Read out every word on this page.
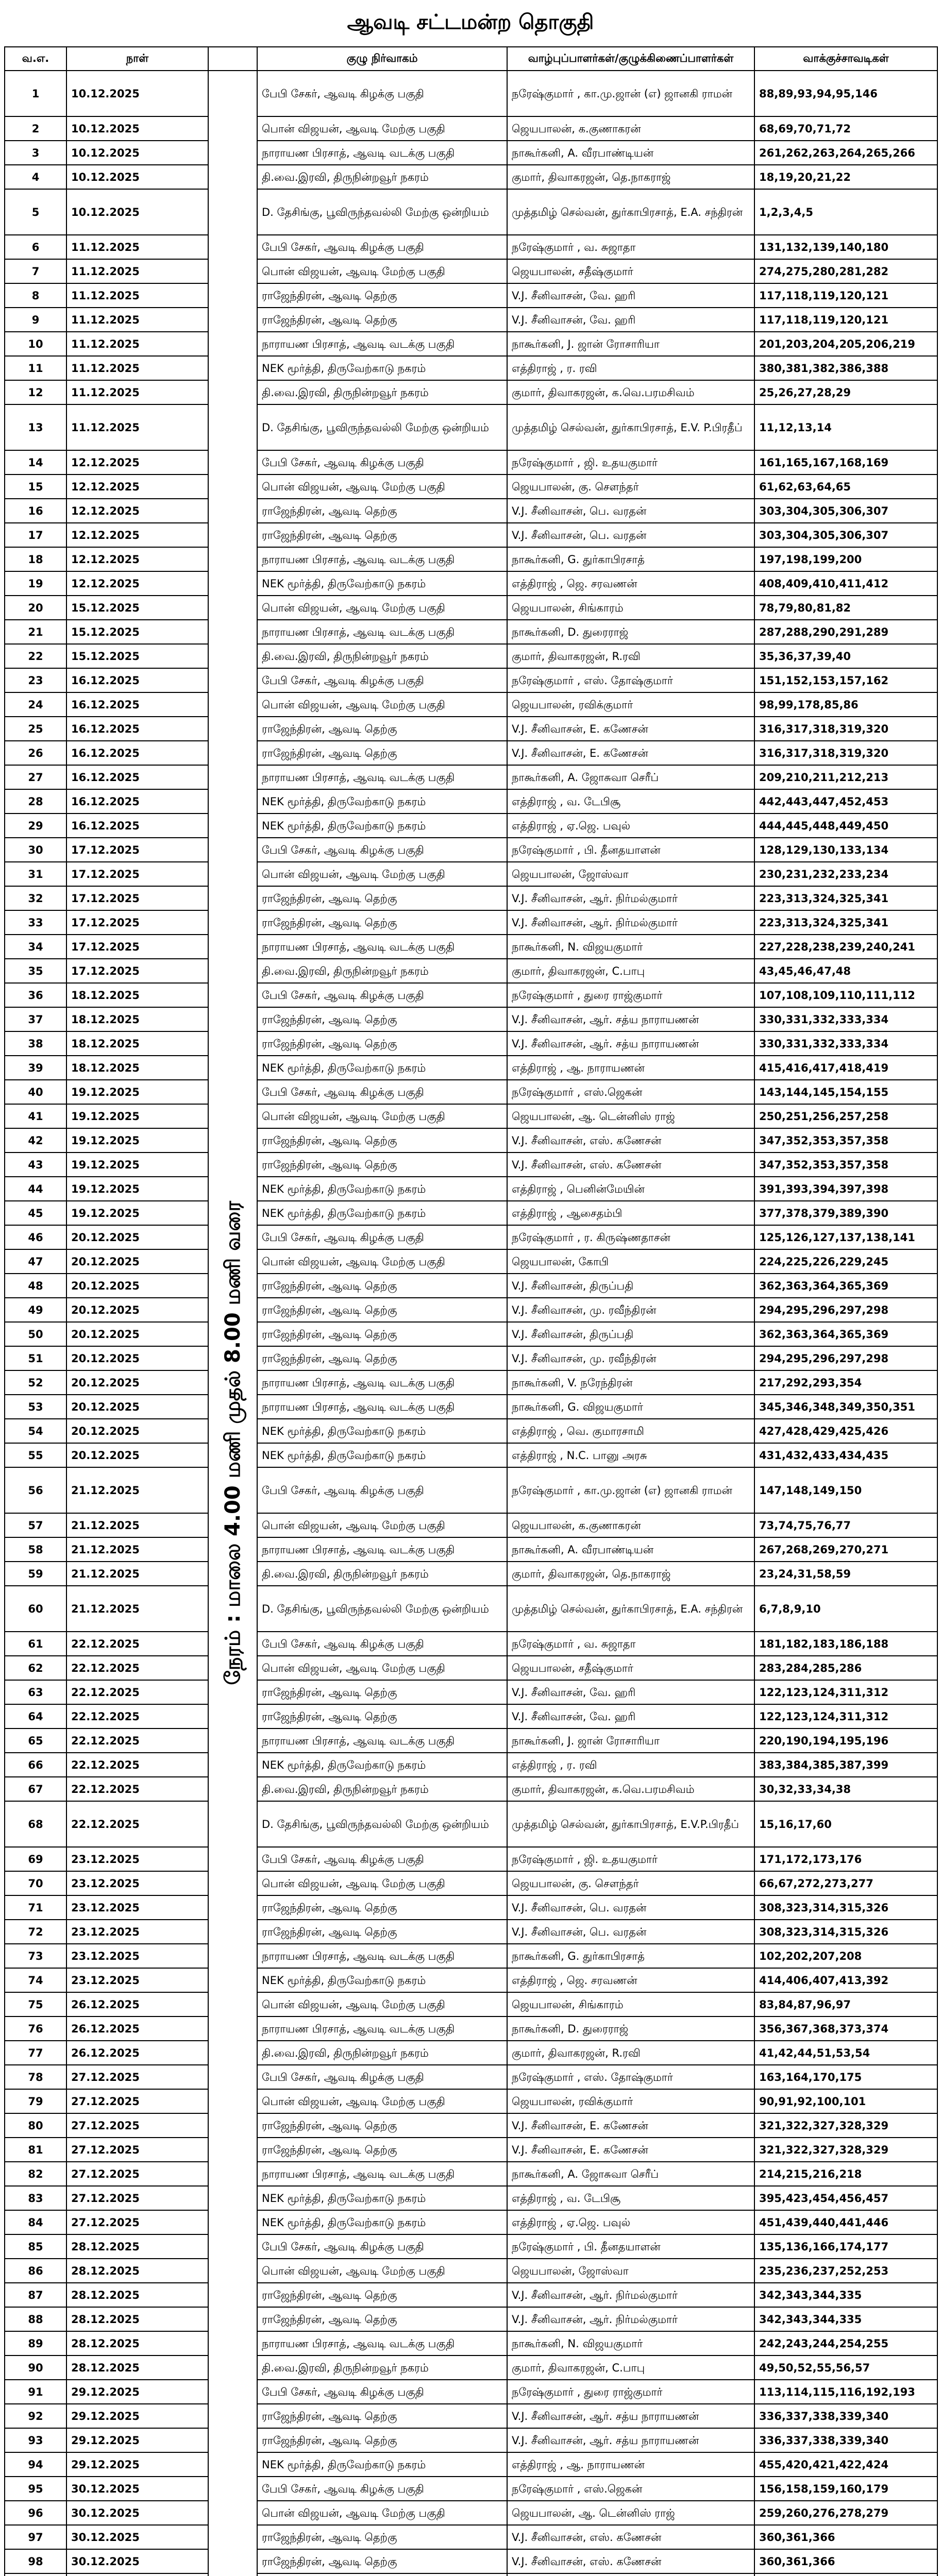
ஆவடி சட்டமன்ற தொகுதி
வ.எ.	நாள்		குழு நிர்வாகம்	வாழ்புப்பாளர்கள்/குழுக்கிணைப்பாளர்கள்	வாக்குச்சாவடிகள்
1	10.12.2025	நேரம் : மாலை 4.00 மணி முதல் 8.00 மணி வரை	பேபி சேகர், ஆவடி கிழக்கு பகுதி	நரேஷ்குமார் , கா.மு.ஜான் (எ) ஜானகி ராமன்	88,89,93,94,95,146
2	10.12.2025		பொன் விஜயன், ஆவடி மேற்கு பகுதி	ஜெயபாலன், க.குணாகரன்	68,69,70,71,72
3	10.12.2025		நாராயண பிரசாத், ஆவடி வடக்கு பகுதி	நாகூர்கனி, A. வீரபாண்டியன்	261,262,263,264,265,266
4	10.12.2025		தி.வை.இரவி, திருநின்றவூர் நகரம்	குமார், திவாகரஜன், தெ.நாகராஜ்	18,19,20,21,22
5	10.12.2025		D. தேசிங்கு, பூவிருந்தவல்லி மேற்கு ஒன்றியம்	முத்தமிழ் செல்வன், துர்காபிரசாத், E.A. சந்திரன்	1,2,3,4,5
6	11.12.2025		பேபி சேகர், ஆவடி கிழக்கு பகுதி	நரேஷ்குமார் , வ. சுஜாதா	131,132,139,140,180
7	11.12.2025		பொன் விஜயன், ஆவடி மேற்கு பகுதி	ஜெயபாலன், சதீஷ்குமார்	274,275,280,281,282
8	11.12.2025		ராஜேந்திரன், ஆவடி தெற்கு	V.J. சீனிவாசன், வே. ஹரி	117,118,119,120,121
9	11.12.2025		ராஜேந்திரன், ஆவடி தெற்கு	V.J. சீனிவாசன், வே. ஹரி	117,118,119,120,121
10	11.12.2025		நாராயண பிரசாத், ஆவடி வடக்கு பகுதி	நாகூர்கனி, J. ஜான் ரோசாரியா	201,203,204,205,206,219
11	11.12.2025		NEK மூர்த்தி, திருவேற்காடு நகரம்	எத்திராஜ் , ர. ரவி	380,381,382,386,388
12	11.12.2025		தி.வை.இரவி, திருநின்றவூர் நகரம்	குமார், திவாகரஜன், க.வெ.பரமசிவம்	25,26,27,28,29
13	11.12.2025		D. தேசிங்கு, பூவிருந்தவல்லி மேற்கு ஒன்றியம்	முத்தமிழ் செல்வன், துர்காபிரசாத், E.V. P.பிரதீப்	11,12,13,14
14	12.12.2025		பேபி சேகர், ஆவடி கிழக்கு பகுதி	நரேஷ்குமார் , ஜி. உதயகுமார்	161,165,167,168,169
15	12.12.2025		பொன் விஜயன், ஆவடி மேற்கு பகுதி	ஜெயபாலன், கு. சௌந்தர்	61,62,63,64,65
16	12.12.2025		ராஜேந்திரன், ஆவடி தெற்கு	V.J. சீனிவாசன், பெ. வரதன்	303,304,305,306,307
17	12.12.2025		ராஜேந்திரன், ஆவடி தெற்கு	V.J. சீனிவாசன், பெ. வரதன்	303,304,305,306,307
18	12.12.2025		நாராயண பிரசாத், ஆவடி வடக்கு பகுதி	நாகூர்கனி, G. துர்காபிரசாத்	197,198,199,200
19	12.12.2025		NEK மூர்த்தி, திருவேற்காடு நகரம்	எத்திராஜ் , ஜெ. சரவணன்	408,409,410,411,412
20	15.12.2025		பொன் விஜயன், ஆவடி மேற்கு பகுதி	ஜெயபாலன், சிங்காரம்	78,79,80,81,82
21	15.12.2025		நாராயண பிரசாத், ஆவடி வடக்கு பகுதி	நாகூர்கனி, D. துரைராஜ்	287,288,290,291,289
22	15.12.2025		தி.வை.இரவி, திருநின்றவூர் நகரம்	குமார், திவாகரஜன், R.ரவி	35,36,37,39,40
23	16.12.2025		பேபி சேகர், ஆவடி கிழக்கு பகுதி	நரேஷ்குமார் , எஸ். தோஷ்குமார்	151,152,153,157,162
24	16.12.2025		பொன் விஜயன், ஆவடி மேற்கு பகுதி	ஜெயபாலன், ரவிக்குமார்	98,99,178,85,86
25	16.12.2025		ராஜேந்திரன், ஆவடி தெற்கு	V.J. சீனிவாசன், E. கணேசன்	316,317,318,319,320
26	16.12.2025		ராஜேந்திரன், ஆவடி தெற்கு	V.J. சீனிவாசன், E. கணேசன்	316,317,318,319,320
27	16.12.2025		நாராயண பிரசாத், ஆவடி வடக்கு பகுதி	நாகூர்கனி, A. ஜோசுவா செரீப்	209,210,211,212,213
28	16.12.2025		NEK மூர்த்தி, திருவேற்காடு நகரம்	எத்திராஜ் , வ. டேபிசூ	442,443,447,452,453
29	16.12.2025		NEK மூர்த்தி, திருவேற்காடு நகரம்	எத்திராஜ் , ஏ.ஜெ. பவுல்	444,445,448,449,450
30	17.12.2025		பேபி சேகர், ஆவடி கிழக்கு பகுதி	நரேஷ்குமார் , பி. தீனதயாளன்	128,129,130,133,134
31	17.12.2025		பொன் விஜயன், ஆவடி மேற்கு பகுதி	ஜெயபாலன், ஜோஸ்வா	230,231,232,233,234
32	17.12.2025		ராஜேந்திரன், ஆவடி தெற்கு	V.J. சீனிவாசன், ஆர். நிர்மல்குமார்	223,313,324,325,341
33	17.12.2025		ராஜேந்திரன், ஆவடி தெற்கு	V.J. சீனிவாசன், ஆர். நிர்மல்குமார்	223,313,324,325,341
34	17.12.2025		நாராயண பிரசாத், ஆவடி வடக்கு பகுதி	நாகூர்கனி, N. விஜயகுமார்	227,228,238,239,240,241
35	17.12.2025		தி.வை.இரவி, திருநின்றவூர் நகரம்	குமார், திவாகரஜன், C.பாபு	43,45,46,47,48
36	18.12.2025		பேபி சேகர், ஆவடி கிழக்கு பகுதி	நரேஷ்குமார் , துரை ராஜ்குமார்	107,108,109,110,111,112
37	18.12.2025		ராஜேந்திரன், ஆவடி தெற்கு	V.J. சீனிவாசன், ஆர். சத்ய நாராயணன்	330,331,332,333,334
38	18.12.2025		ராஜேந்திரன், ஆவடி தெற்கு	V.J. சீனிவாசன், ஆர். சத்ய நாராயணன்	330,331,332,333,334
39	18.12.2025		NEK மூர்த்தி, திருவேற்காடு நகரம்	எத்திராஜ் , ஆ. நாராயணன்	415,416,417,418,419
40	19.12.2025		பேபி சேகர், ஆவடி கிழக்கு பகுதி	நரேஷ்குமார் , எஸ்.ஜெகன்	143,144,145,154,155
41	19.12.2025		பொன் விஜயன், ஆவடி மேற்கு பகுதி	ஜெயபாலன், ஆ. டென்னிஸ் ராஜ்	250,251,256,257,258
42	19.12.2025		ராஜேந்திரன், ஆவடி தெற்கு	V.J. சீனிவாசன், எஸ். கணேசன்	347,352,353,357,358
43	19.12.2025		ராஜேந்திரன், ஆவடி தெற்கு	V.J. சீனிவாசன், எஸ். கணேசன்	347,352,353,357,358
44	19.12.2025		NEK மூர்த்தி, திருவேற்காடு நகரம்	எத்திராஜ் , பெனின்மேயின்	391,393,394,397,398
45	19.12.2025		NEK மூர்த்தி, திருவேற்காடு நகரம்	எத்திராஜ் , ஆசைதம்பி	377,378,379,389,390
46	20.12.2025		பேபி சேகர், ஆவடி கிழக்கு பகுதி	நரேஷ்குமார் , ர. கிருஷ்ணதாசன்	125,126,127,137,138,141
47	20.12.2025		பொன் விஜயன், ஆவடி மேற்கு பகுதி	ஜெயபாலன், கோபி	224,225,226,229,245
48	20.12.2025		ராஜேந்திரன், ஆவடி தெற்கு	V.J. சீனிவாசன், திருப்பதி	362,363,364,365,369
49	20.12.2025		ராஜேந்திரன், ஆவடி தெற்கு	V.J. சீனிவாசன், மு. ரவீந்திரன்	294,295,296,297,298
50	20.12.2025		ராஜேந்திரன், ஆவடி தெற்கு	V.J. சீனிவாசன், திருப்பதி	362,363,364,365,369
51	20.12.2025		ராஜேந்திரன், ஆவடி தெற்கு	V.J. சீனிவாசன், மு. ரவீந்திரன்	294,295,296,297,298
52	20.12.2025		நாராயண பிரசாத், ஆவடி வடக்கு பகுதி	நாகூர்கனி, V. நரேந்திரன்	217,292,293,354
53	20.12.2025		நாராயண பிரசாத், ஆவடி வடக்கு பகுதி	நாகூர்கனி, G. விஜயகுமார்	345,346,348,349,350,351
54	20.12.2025		NEK மூர்த்தி, திருவேற்காடு நகரம்	எத்திராஜ் , வெ. குமாரசாமி	427,428,429,425,426
55	20.12.2025		NEK மூர்த்தி, திருவேற்காடு நகரம்	எத்திராஜ் , N.C. பானு அரசு	431,432,433,434,435
56	21.12.2025		பேபி சேகர், ஆவடி கிழக்கு பகுதி	நரேஷ்குமார் , கா.மு.ஜான் (எ) ஜானகி ராமன்	147,148,149,150
57	21.12.2025		பொன் விஜயன், ஆவடி மேற்கு பகுதி	ஜெயபாலன், க.குணாகரன்	73,74,75,76,77
58	21.12.2025		நாராயண பிரசாத், ஆவடி வடக்கு பகுதி	நாகூர்கனி, A. வீரபாண்டியன்	267,268,269,270,271
59	21.12.2025		தி.வை.இரவி, திருநின்றவூர் நகரம்	குமார், திவாகரஜன், தெ.நாகராஜ்	23,24,31,58,59
60	21.12.2025		D. தேசிங்கு, பூவிருந்தவல்லி மேற்கு ஒன்றியம்	முத்தமிழ் செல்வன், துர்காபிரசாத், E.A. சந்திரன்	6,7,8,9,10
61	22.12.2025		பேபி சேகர், ஆவடி கிழக்கு பகுதி	நரேஷ்குமார் , வ. சுஜாதா	181,182,183,186,188
62	22.12.2025		பொன் விஜயன், ஆவடி மேற்கு பகுதி	ஜெயபாலன், சதீஷ்குமார்	283,284,285,286
63	22.12.2025		ராஜேந்திரன், ஆவடி தெற்கு	V.J. சீனிவாசன், வே. ஹரி	122,123,124,311,312
64	22.12.2025		ராஜேந்திரன், ஆவடி தெற்கு	V.J. சீனிவாசன், வே. ஹரி	122,123,124,311,312
65	22.12.2025		நாராயண பிரசாத், ஆவடி வடக்கு பகுதி	நாகூர்கனி, J. ஜான் ரோசாரியா	220,190,194,195,196
66	22.12.2025		NEK மூர்த்தி, திருவேற்காடு நகரம்	எத்திராஜ் , ர. ரவி	383,384,385,387,399
67	22.12.2025		தி.வை.இரவி, திருநின்றவூர் நகரம்	குமார், திவாகரஜன், க.வெ.பரமசிவம்	30,32,33,34,38
68	22.12.2025		D. தேசிங்கு, பூவிருந்தவல்லி மேற்கு ஒன்றியம்	முத்தமிழ் செல்வன், துர்காபிரசாத், E.V.P.பிரதீப்	15,16,17,60
69	23.12.2025		பேபி சேகர், ஆவடி கிழக்கு பகுதி	நரேஷ்குமார் , ஜி. உதயகுமார்	171,172,173,176
70	23.12.2025		பொன் விஜயன், ஆவடி மேற்கு பகுதி	ஜெயபாலன், கு. சௌந்தர்	66,67,272,273,277
71	23.12.2025		ராஜேந்திரன், ஆவடி தெற்கு	V.J. சீனிவாசன், பெ. வரதன்	308,323,314,315,326
72	23.12.2025		ராஜேந்திரன், ஆவடி தெற்கு	V.J. சீனிவாசன், பெ. வரதன்	308,323,314,315,326
73	23.12.2025		நாராயண பிரசாத், ஆவடி வடக்கு பகுதி	நாகூர்கனி, G. துர்காபிரசாத்	102,202,207,208
74	23.12.2025		NEK மூர்த்தி, திருவேற்காடு நகரம்	எத்திராஜ் , ஜெ. சரவணன்	414,406,407,413,392
75	26.12.2025		பொன் விஜயன், ஆவடி மேற்கு பகுதி	ஜெயபாலன், சிங்காரம்	83,84,87,96,97
76	26.12.2025		நாராயண பிரசாத், ஆவடி வடக்கு பகுதி	நாகூர்கனி, D. துரைராஜ்	356,367,368,373,374
77	26.12.2025		தி.வை.இரவி, திருநின்றவூர் நகரம்	குமார், திவாகரஜன், R.ரவி	41,42,44,51,53,54
78	27.12.2025		பேபி சேகர், ஆவடி கிழக்கு பகுதி	நரேஷ்குமார் , எஸ். தோஷ்குமார்	163,164,170,175
79	27.12.2025		பொன் விஜயன், ஆவடி மேற்கு பகுதி	ஜெயபாலன், ரவிக்குமார்	90,91,92,100,101
80	27.12.2025		ராஜேந்திரன், ஆவடி தெற்கு	V.J. சீனிவாசன், E. கணேசன்	321,322,327,328,329
81	27.12.2025		ராஜேந்திரன், ஆவடி தெற்கு	V.J. சீனிவாசன், E. கணேசன்	321,322,327,328,329
82	27.12.2025		நாராயண பிரசாத், ஆவடி வடக்கு பகுதி	நாகூர்கனி, A. ஜோசுவா செரீப்	214,215,216,218
83	27.12.2025		NEK மூர்த்தி, திருவேற்காடு நகரம்	எத்திராஜ் , வ. டேபிசூ	395,423,454,456,457
84	27.12.2025		NEK மூர்த்தி, திருவேற்காடு நகரம்	எத்திராஜ் , ஏ.ஜெ. பவுல்	451,439,440,441,446
85	28.12.2025		பேபி சேகர், ஆவடி கிழக்கு பகுதி	நரேஷ்குமார் , பி. தீனதயாளன்	135,136,166,174,177
86	28.12.2025		பொன் விஜயன், ஆவடி மேற்கு பகுதி	ஜெயபாலன், ஜோஸ்வா	235,236,237,252,253
87	28.12.2025		ராஜேந்திரன், ஆவடி தெற்கு	V.J. சீனிவாசன், ஆர். நிர்மல்குமார்	342,343,344,335
88	28.12.2025		ராஜேந்திரன், ஆவடி தெற்கு	V.J. சீனிவாசன், ஆர். நிர்மல்குமார்	342,343,344,335
89	28.12.2025		நாராயண பிரசாத், ஆவடி வடக்கு பகுதி	நாகூர்கனி, N. விஜயகுமார்	242,243,244,254,255
90	28.12.2025		தி.வை.இரவி, திருநின்றவூர் நகரம்	குமார், திவாகரஜன், C.பாபு	49,50,52,55,56,57
91	29.12.2025		பேபி சேகர், ஆவடி கிழக்கு பகுதி	நரேஷ்குமார் , துரை ராஜ்குமார்	113,114,115,116,192,193
92	29.12.2025		ராஜேந்திரன், ஆவடி தெற்கு	V.J. சீனிவாசன், ஆர். சத்ய நாராயணன்	336,337,338,339,340
93	29.12.2025		ராஜேந்திரன், ஆவடி தெற்கு	V.J. சீனிவாசன், ஆர். சத்ய நாராயணன்	336,337,338,339,340
94	29.12.2025		NEK மூர்த்தி, திருவேற்காடு நகரம்	எத்திராஜ் , ஆ. நாராயணன்	455,420,421,422,424
95	30.12.2025		பேபி சேகர், ஆவடி கிழக்கு பகுதி	நரேஷ்குமார் , எஸ்.ஜெகன்	156,158,159,160,179
96	30.12.2025		பொன் விஜயன், ஆவடி மேற்கு பகுதி	ஜெயபாலன், ஆ. டென்னிஸ் ராஜ்	259,260,276,278,279
97	30.12.2025		ராஜேந்திரன், ஆவடி தெற்கு	V.J. சீனிவாசன், எஸ். கணேசன்	360,361,366
98	30.12.2025		ராஜேந்திரன், ஆவடி தெற்கு	V.J. சீனிவாசன், எஸ். கணேசன்	360,361,366
